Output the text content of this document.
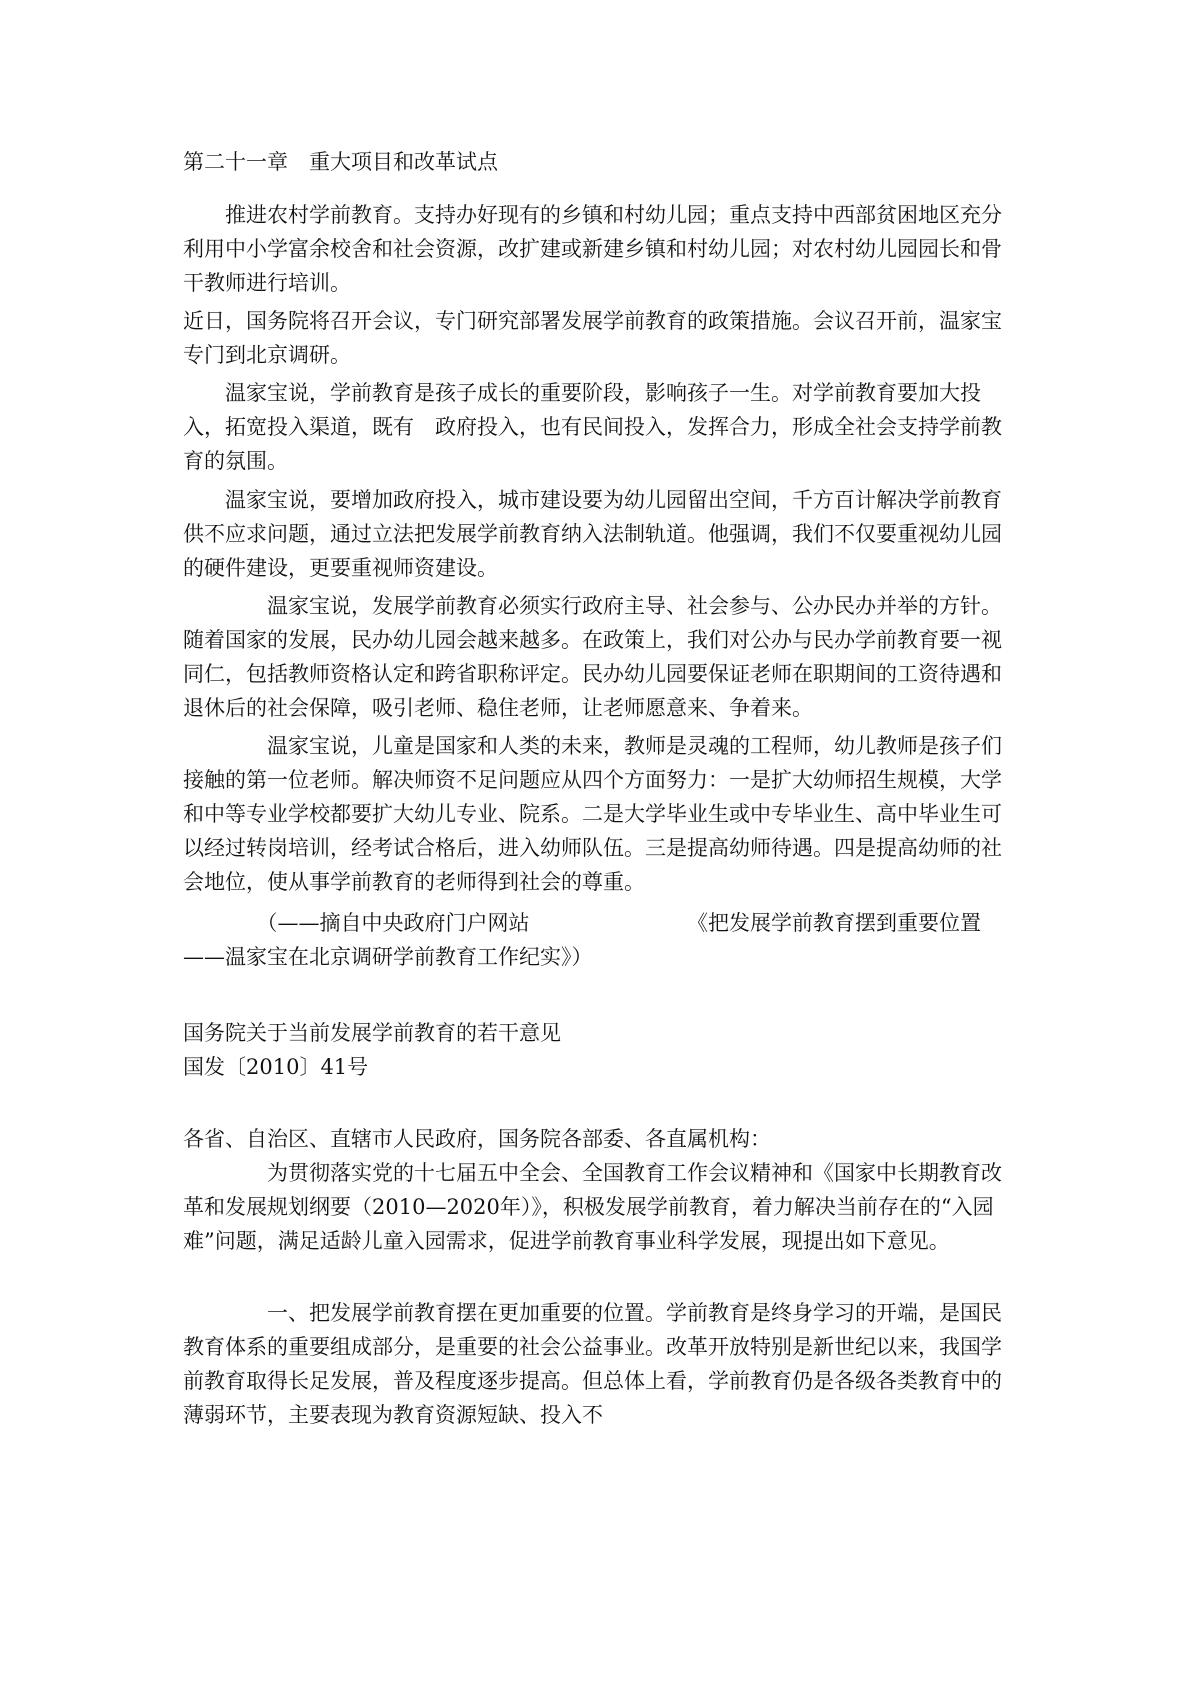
第二十一章　重大项目和改革试点

　　推进农村学前教育。支持办好现有的乡镇和村幼儿园；重点支持中西部贫困地区充分利用中小学富余校舍和社会资源，改扩建或新建乡镇和村幼儿园；对农村幼儿园园长和骨干教师进行培训。

近日，国务院将召开会议，专门研究部署发展学前教育的政策措施。会议召开前，温家宝专门到北京调研。

　　温家宝说，学前教育是孩子成长的重要阶段，影响孩子一生。对学前教育要加大投入，拓宽投入渠道，既有　政府投入，也有民间投入，发挥合力，形成全社会支持学前教育的氛围。

　　温家宝说，要增加政府投入，城市建设要为幼儿园留出空间，千方百计解决学前教育供不应求问题，通过立法把发展学前教育纳入法制轨道。他强调，我们不仅要重视幼儿园的硬件建设，更要重视师资建设。

　　　　温家宝说，发展学前教育必须实行政府主导、社会参与、公办民办并举的方针。随着国家的发展，民办幼儿园会越来越多。在政策上，我们对公办与民办学前教育要一视同仁，包括教师资格认定和跨省职称评定。民办幼儿园要保证老师在职期间的工资待遇和退休后的社会保障，吸引老师、稳住老师，让老师愿意来、争着来。

　　　　温家宝说，儿童是国家和人类的未来，教师是灵魂的工程师，幼儿教师是孩子们接触的第一位老师。解决师资不足问题应从四个方面努力：一是扩大幼师招生规模，大学和中等专业学校都要扩大幼儿专业、院系。二是大学毕业生或中专毕业生、高中毕业生可以经过转岗培训，经考试合格后，进入幼师队伍。三是提高幼师待遇。四是提高幼师的社会地位，使从事学前教育的老师得到社会的尊重。

　　　　（——摘自中央政府门户网站　　　　　　　　《把发展学前教育摆到重要位置——温家宝在北京调研学前教育工作纪实》）

国务院关于当前发展学前教育的若干意见

国发〔2010〕41号

各省、自治区、直辖市人民政府，国务院各部委、各直属机构：

　　　　为贯彻落实党的十七届五中全会、全国教育工作会议精神和《国家中长期教育改革和发展规划纲要（2010—2020年）》，积极发展学前教育，着力解决当前存在的“入园难”问题，满足适龄儿童入园需求，促进学前教育事业科学发展，现提出如下意见。

　　　　一、把发展学前教育摆在更加重要的位置。学前教育是终身学习的开端，是国民教育体系的重要组成部分，是重要的社会公益事业。改革开放特别是新世纪以来，我国学前教育取得长足发展，普及程度逐步提高。但总体上看，学前教育仍是各级各类教育中的薄弱环节，主要表现为教育资源短缺、投入不
